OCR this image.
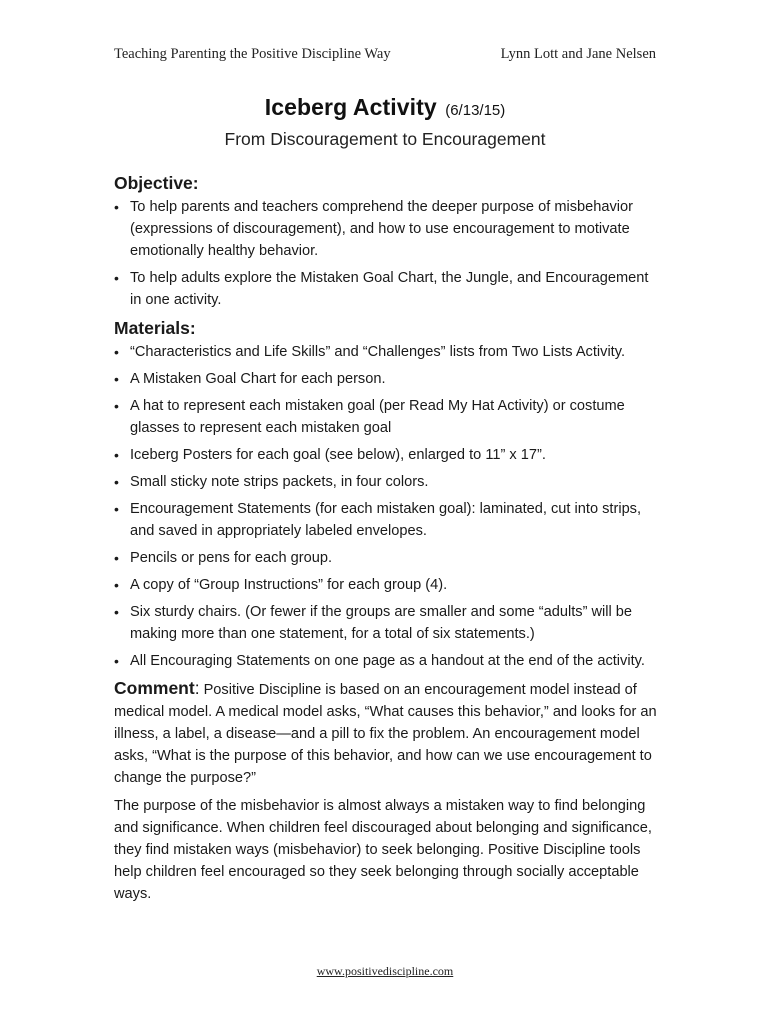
Teaching Parenting the Positive Discipline Way	Lynn Lott and Jane Nelsen
Iceberg Activity (6/13/15)
From Discouragement to Encouragement
Objective:
• To help parents and teachers comprehend the deeper purpose of misbehavior (expressions of discouragement), and how to use encouragement to motivate emotionally healthy behavior.
• To help adults explore the Mistaken Goal Chart, the Jungle, and Encouragement in one activity.
Materials:
• “Characteristics and Life Skills” and “Challenges” lists from Two Lists Activity.
• A Mistaken Goal Chart for each person.
• A hat to represent each mistaken goal (per Read My Hat Activity) or costume glasses to represent each mistaken goal
• Iceberg Posters for each goal (see below), enlarged to 11” x 17”.
• Small sticky note strips packets, in four colors.
• Encouragement Statements (for each mistaken goal): laminated, cut into strips, and saved in appropriately labeled envelopes.
• Pencils or pens for each group.
• A copy of “Group Instructions” for each group (4).
• Six sturdy chairs. (Or fewer if the groups are smaller and some “adults” will be making more than one statement, for a total of six statements.)
• All Encouraging Statements on one page as a handout at the end of the activity.
Comment: Positive Discipline is based on an encouragement model instead of medical model. A medical model asks, “What causes this behavior,” and looks for an illness, a label, a disease—and a pill to fix the problem. An encouragement model asks, “What is the purpose of this behavior, and how can we use encouragement to change the purpose?”
The purpose of the misbehavior is almost always a mistaken way to find belonging and significance. When children feel discouraged about belonging and significance, they find mistaken ways (misbehavior) to seek belonging. Positive Discipline tools help children feel encouraged so they seek belonging through socially acceptable ways.
www.positivediscipline.com
